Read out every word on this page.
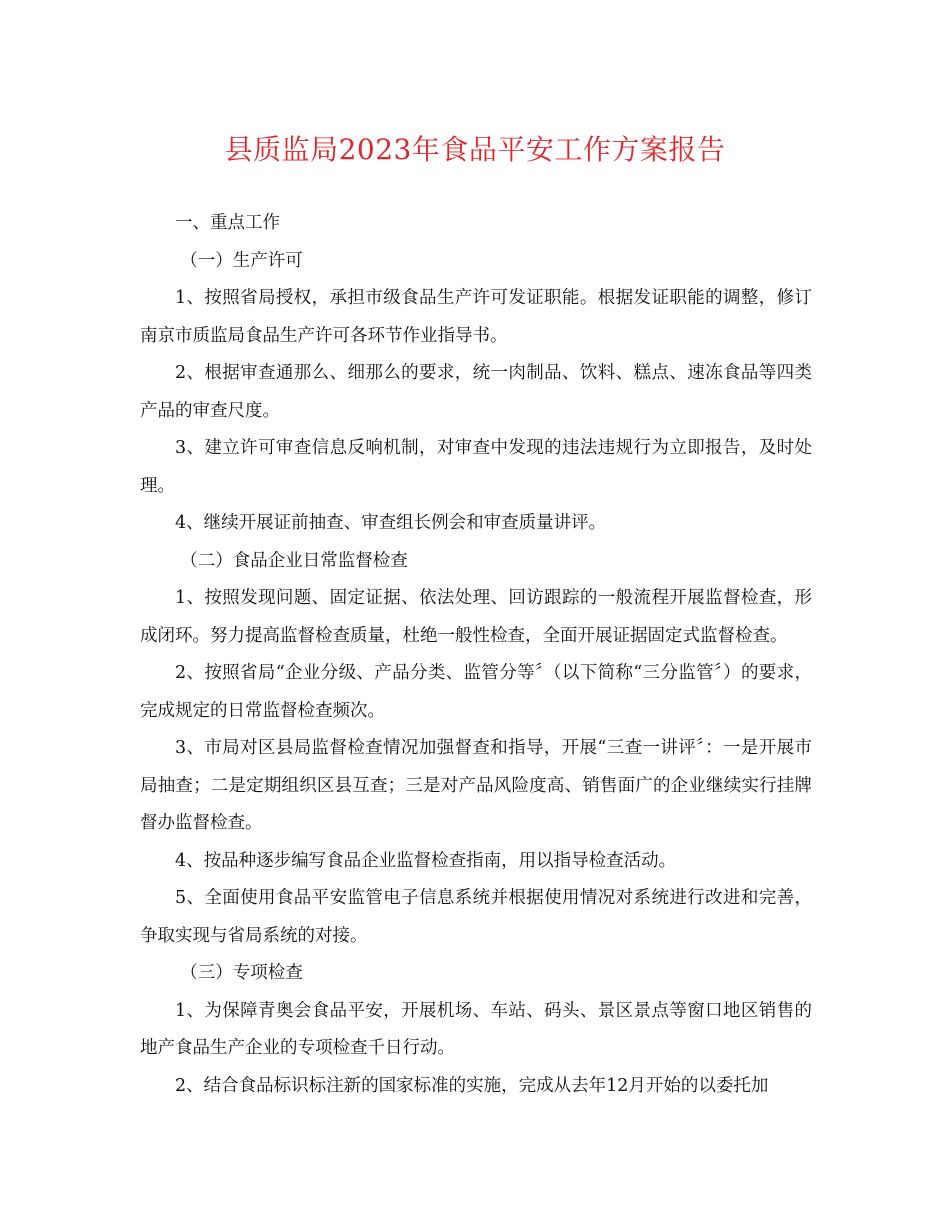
县质监局2023年食品平安工作方案报告

一、重点工作

（一）生产许可

1、按照省局授权，承担市级食品生产许可发证职能。根据发证职能的调整，修订南京市质监局食品生产许可各环节作业指导书。

2、根据审查通那么、细那么的要求，统一肉制品、饮料、糕点、速冻食品等四类产品的审查尺度。

3、建立许可审查信息反响机制，对审查中发现的违法违规行为立即报告，及时处理。

4、继续开展证前抽查、审查组长例会和审查质量讲评。

（二）食品企业日常监督检查

1、按照发现问题、固定证据、依法处理、回访跟踪的一般流程开展监督检查，形成闭环。努力提高监督检查质量，杜绝一般性检查，全面开展证据固定式监督检查。

2、按照省局“企业分级、产品分类、监管分等〞（以下简称“三分监管〞）的要求，完成规定的日常监督检查频次。

3、市局对区县局监督检查情况加强督查和指导，开展“三查一讲评〞：一是开展市局抽查；二是定期组织区县互查；三是对产品风险度高、销售面广的企业继续实行挂牌督办监督检查。

4、按品种逐步编写食品企业监督检查指南，用以指导检查活动。

5、全面使用食品平安监管电子信息系统并根据使用情况对系统进行改进和完善，争取实现与省局系统的对接。

（三）专项检查

1、为保障青奥会食品平安，开展机场、车站、码头、景区景点等窗口地区销售的地产食品生产企业的专项检查千日行动。

2、结合食品标识标注新的国家标准的实施，完成从去年12月开始的以委托加
